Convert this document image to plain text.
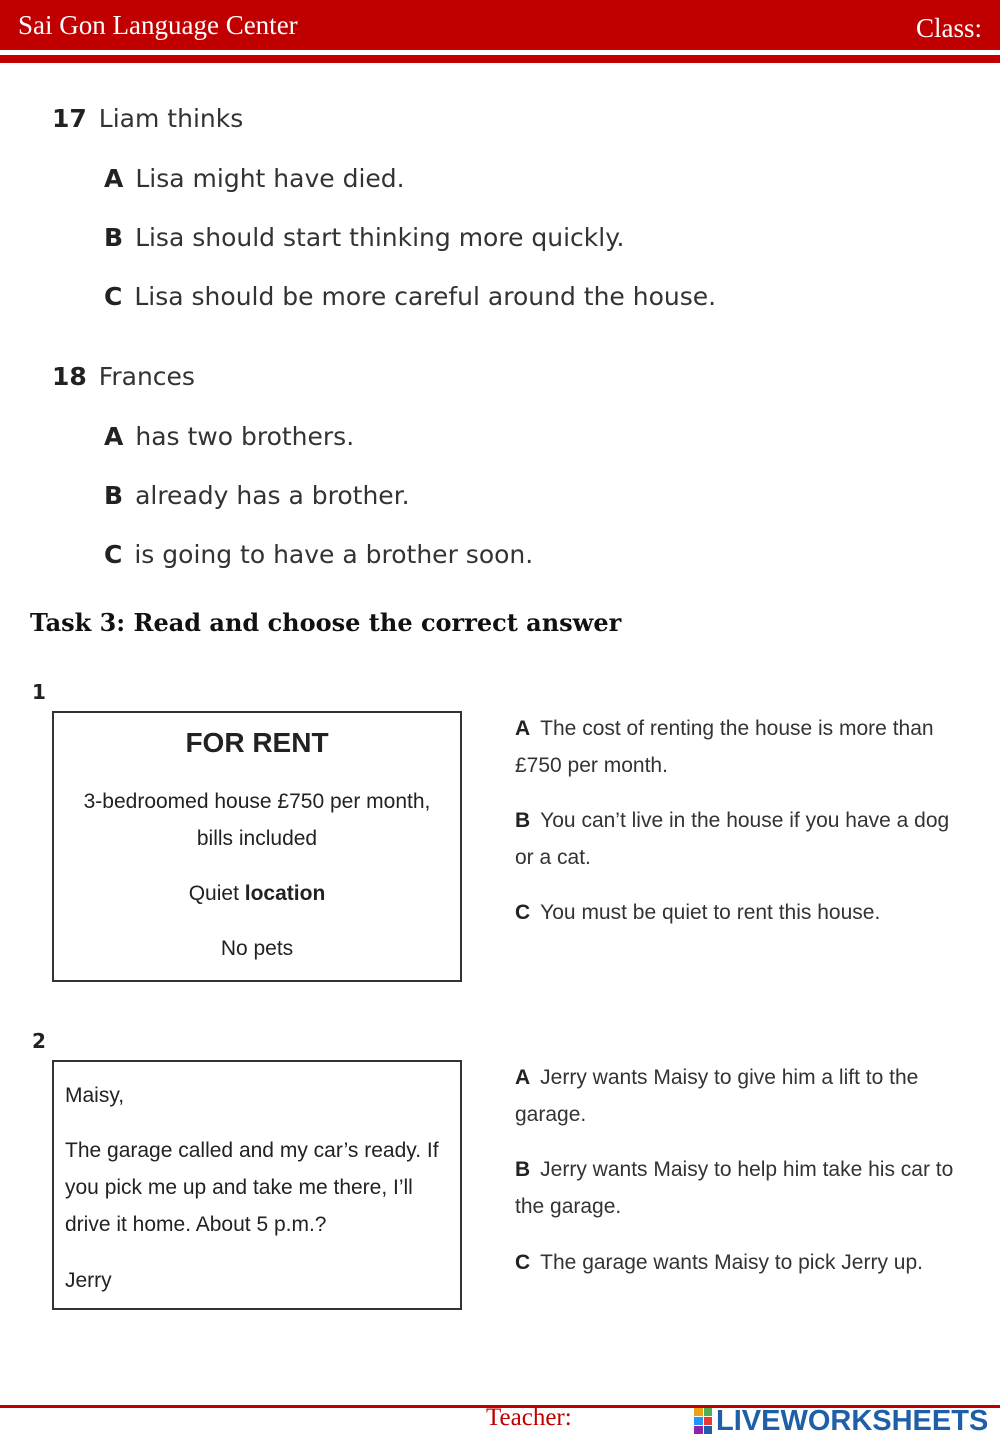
Sai Gon Language Center	Class:
17 Liam thinks
A Lisa might have died.
B Lisa should start thinking more quickly.
C Lisa should be more careful around the house.
18 Frances
A has two brothers.
B already has a brother.
C is going to have a brother soon.
Task 3: Read and choose the correct answer
1
FOR RENT
3-bedroomed house £750 per month,
bills included
Quiet location
No pets
A The cost of renting the house is more than £750 per month.
B You can’t live in the house if you have a dog or a cat.
C You must be quiet to rent this house.
2
Maisy,
The garage called and my car’s ready. If you pick me up and take me there, I’ll drive it home. About 5 p.m.?
Jerry
A Jerry wants Maisy to give him a lift to the garage.
B Jerry wants Maisy to help him take his car to the garage.
C The garage wants Maisy to pick Jerry up.
Teacher:	LIVEWORKSHEETS
